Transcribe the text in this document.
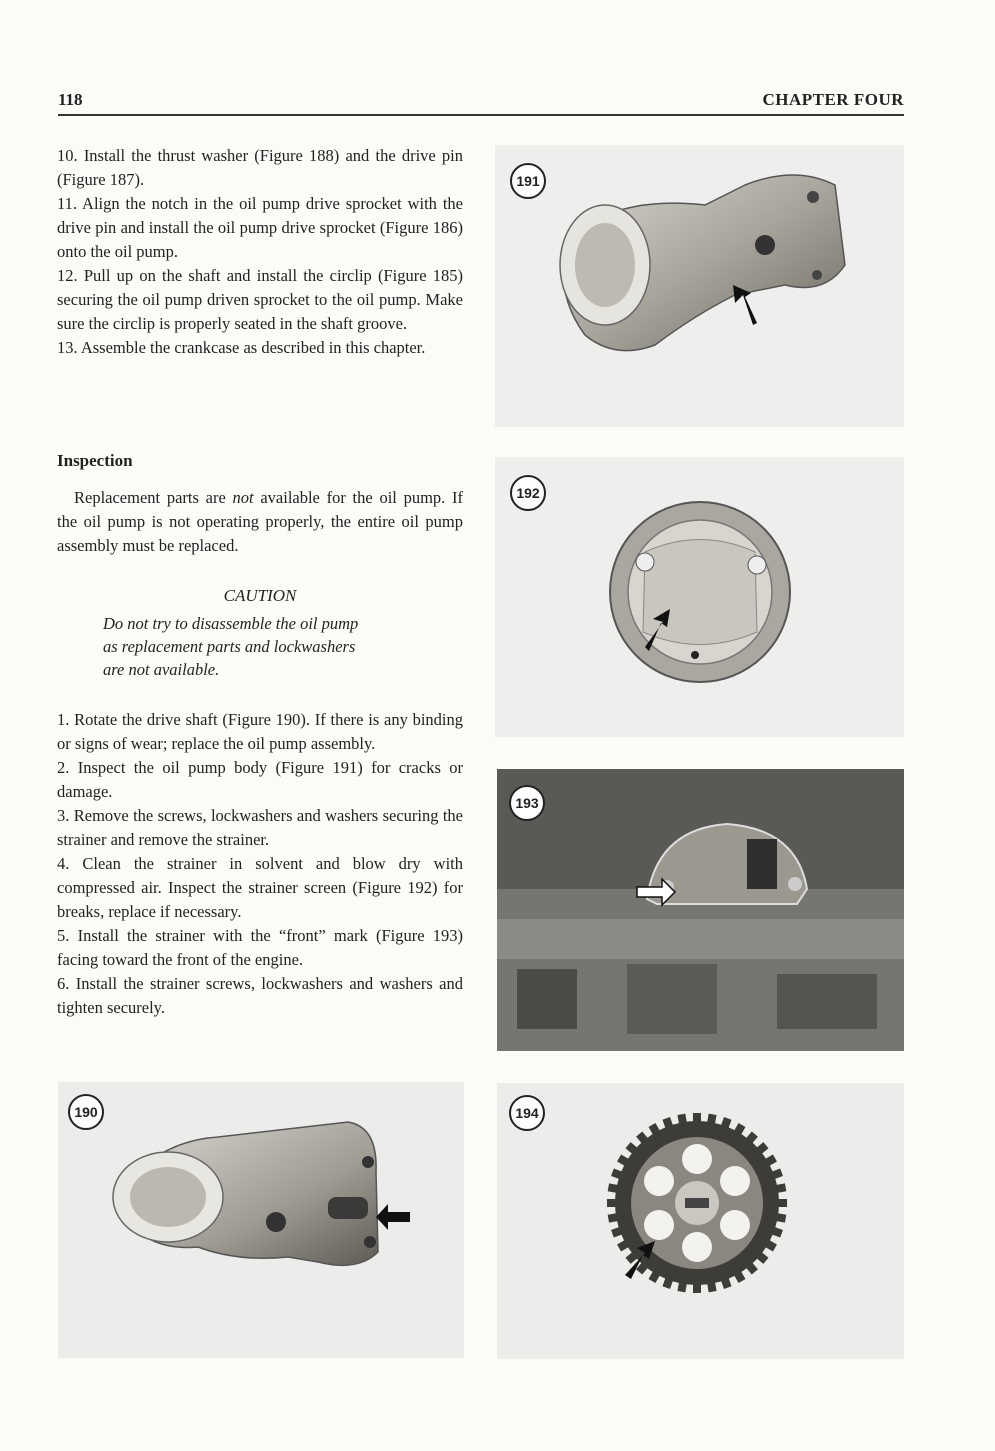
118	CHAPTER FOUR

10. Install the thrust washer (Figure 188) and the drive pin (Figure 187).

11. Align the notch in the oil pump drive sprocket with the drive pin and install the oil pump drive sprocket (Figure 186) onto the oil pump.

12. Pull up on the shaft and install the circlip (Figure 185) securing the oil pump driven sprocket to the oil pump. Make sure the circlip is properly seated in the shaft groove.

13. Assemble the crankcase as described in this chapter.

Inspection

Replacement parts are not available for the oil pump. If the oil pump is not operating properly, the entire oil pump assembly must be replaced.

CAUTION
Do not try to disassemble the oil pump
as replacement parts and lockwashers
are not available.

1. Rotate the drive shaft (Figure 190). If there is any binding or signs of wear; replace the oil pump assembly.

2. Inspect the oil pump body (Figure 191) for cracks or damage.

3. Remove the screws, lockwashers and washers securing the strainer and remove the strainer.

4. Clean the strainer in solvent and blow dry with compressed air. Inspect the strainer screen (Figure 192) for breaks, replace if necessary.

5. Install the strainer with the “front” mark (Figure 193) facing toward the front of the engine.

6. Install the strainer screws, lockwashers and washers and tighten securely.

191
192
193
190	194
